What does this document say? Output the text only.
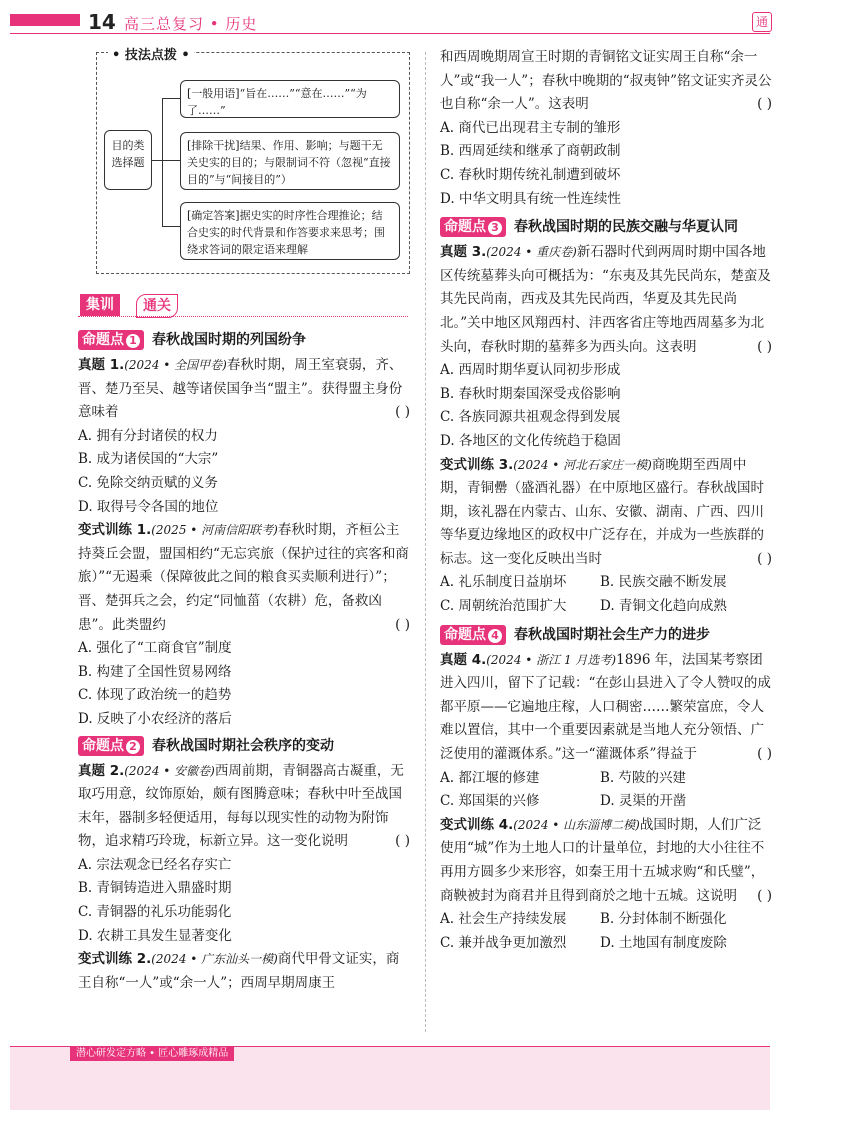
14 高三总复习 • 历史	通
• 技法点拨 •
目的类选择题
[一般用语]“旨在……”“意在……”“为了……”
[排除干扰]结果、作用、影响；与题干无关史实的目的；与限制词不符（忽视“直接目的”与“间接目的”）
[确定答案]据史实的时序性合理推论；结合史实的时代背景和作答要求来思考；围绕求答词的限定语来理解
集训	通关
命题点 1 春秋战国时期的列国纷争

真题 1.(2024 • 全国甲卷)春秋时期，周王室衰弱，齐、晋、楚乃至吴、越等诸侯国争当“盟主”。获得盟主身份意味着	( )

A. 拥有分封诸侯的权力

B. 成为诸侯国的“大宗”

C. 免除交纳贡赋的义务

D. 取得号令各国的地位

变式训练 1.(2025 • 河南信阳联考)春秋时期，齐桓公主持葵丘会盟，盟国相约“无忘宾旅（保护过往的宾客和商旅）”“无遏乘（保障彼此之间的粮食买卖顺利进行）”；晋、楚弭兵之会，约定“同恤菑（农耕）危，备救凶患”。此类盟约	( )

A. 强化了“工商食官”制度

B. 构建了全国性贸易网络

C. 体现了政治统一的趋势

D. 反映了小农经济的落后

命题点 2 春秋战国时期社会秩序的变动

真题 2.(2024 • 安徽卷)西周前期，青铜器高古凝重，无取巧用意，纹饰原始，颇有图腾意味；春秋中叶至战国末年，器制多轻便适用，每每以现实性的动物为附饰物，追求精巧玲珑，标新立异。这一变化说明	( )

A. 宗法观念已经名存实亡

B. 青铜铸造进入鼎盛时期

C. 青铜器的礼乐功能弱化

D. 农耕工具发生显著变化

变式训练 2.(2024 • 广东汕头一模)商代甲骨文证实，商王自称“一人”或“余一人”；西周早期周康王

和西周晚期周宣王时期的青铜铭文证实周王自称“余一人”或“我一人”；春秋中晚期的“叔夷钟”铭文证实齐灵公也自称“余一人”。这表明	( )

A. 商代已出现君主专制的雏形

B. 西周延续和继承了商朝政制

C. 春秋时期传统礼制遭到破坏

D. 中华文明具有统一性连续性

命题点 3 春秋战国时期的民族交融与华夏认同

真题 3.(2024 • 重庆卷)新石器时代到两周时期中国各地区传统墓葬头向可概括为：“东夷及其先民尚东，楚蛮及其先民尚南，西戎及其先民尚西，华夏及其先民尚北。”关中地区风翔西村、沣西客省庄等地西周墓多为北头向，春秋时期的墓葬多为西头向。这表明	( )

A. 西周时期华夏认同初步形成

B. 春秋时期秦国深受戎俗影响

C. 各族同源共祖观念得到发展

D. 各地区的文化传统趋于稳固

变式训练 3.(2024 • 河北石家庄一模)商晚期至西周中期，青铜罍（盛酒礼器）在中原地区盛行。春秋战国时期，该礼器在内蒙古、山东、安徽、湖南、广西、四川等华夏边缘地区的政权中广泛存在，并成为一些族群的标志。这一变化反映出当时	( )

A. 礼乐制度日益崩坏	B. 民族交融不断发展
C. 周朝统治范围扩大	D. 青铜文化趋向成熟
命题点 4 春秋战国时期社会生产力的进步

真题 4.(2024 • 浙江 1 月选考)1896 年，法国某考察团进入四川，留下了记载：“在彭山县进入了令人赞叹的成都平原——它遍地庄稼，人口稠密……繁荣富庶，令人难以置信，其中一个重要因素就是当地人充分领悟、广泛使用的灌溉体系。”这一“灌溉体系”得益于	( )

A. 都江堰的修建	B. 芍陂的兴建
C. 郑国渠的兴修	D. 灵渠的开凿

变式训练 4.(2024 • 山东淄博二模)战国时期，人们广泛使用“城”作为土地人口的计量单位，封地的大小往往不再用方圆多少来形容，如秦王用十五城求购“和氏璧”，商鞅被封为商君并且得到商於之地十五城。这说明 ( )

A. 社会生产持续发展	B. 分封体制不断强化
C. 兼并战争更加激烈	D. 土地国有制度废除
潜心研发定方略 • 匠心雕琢成精品
